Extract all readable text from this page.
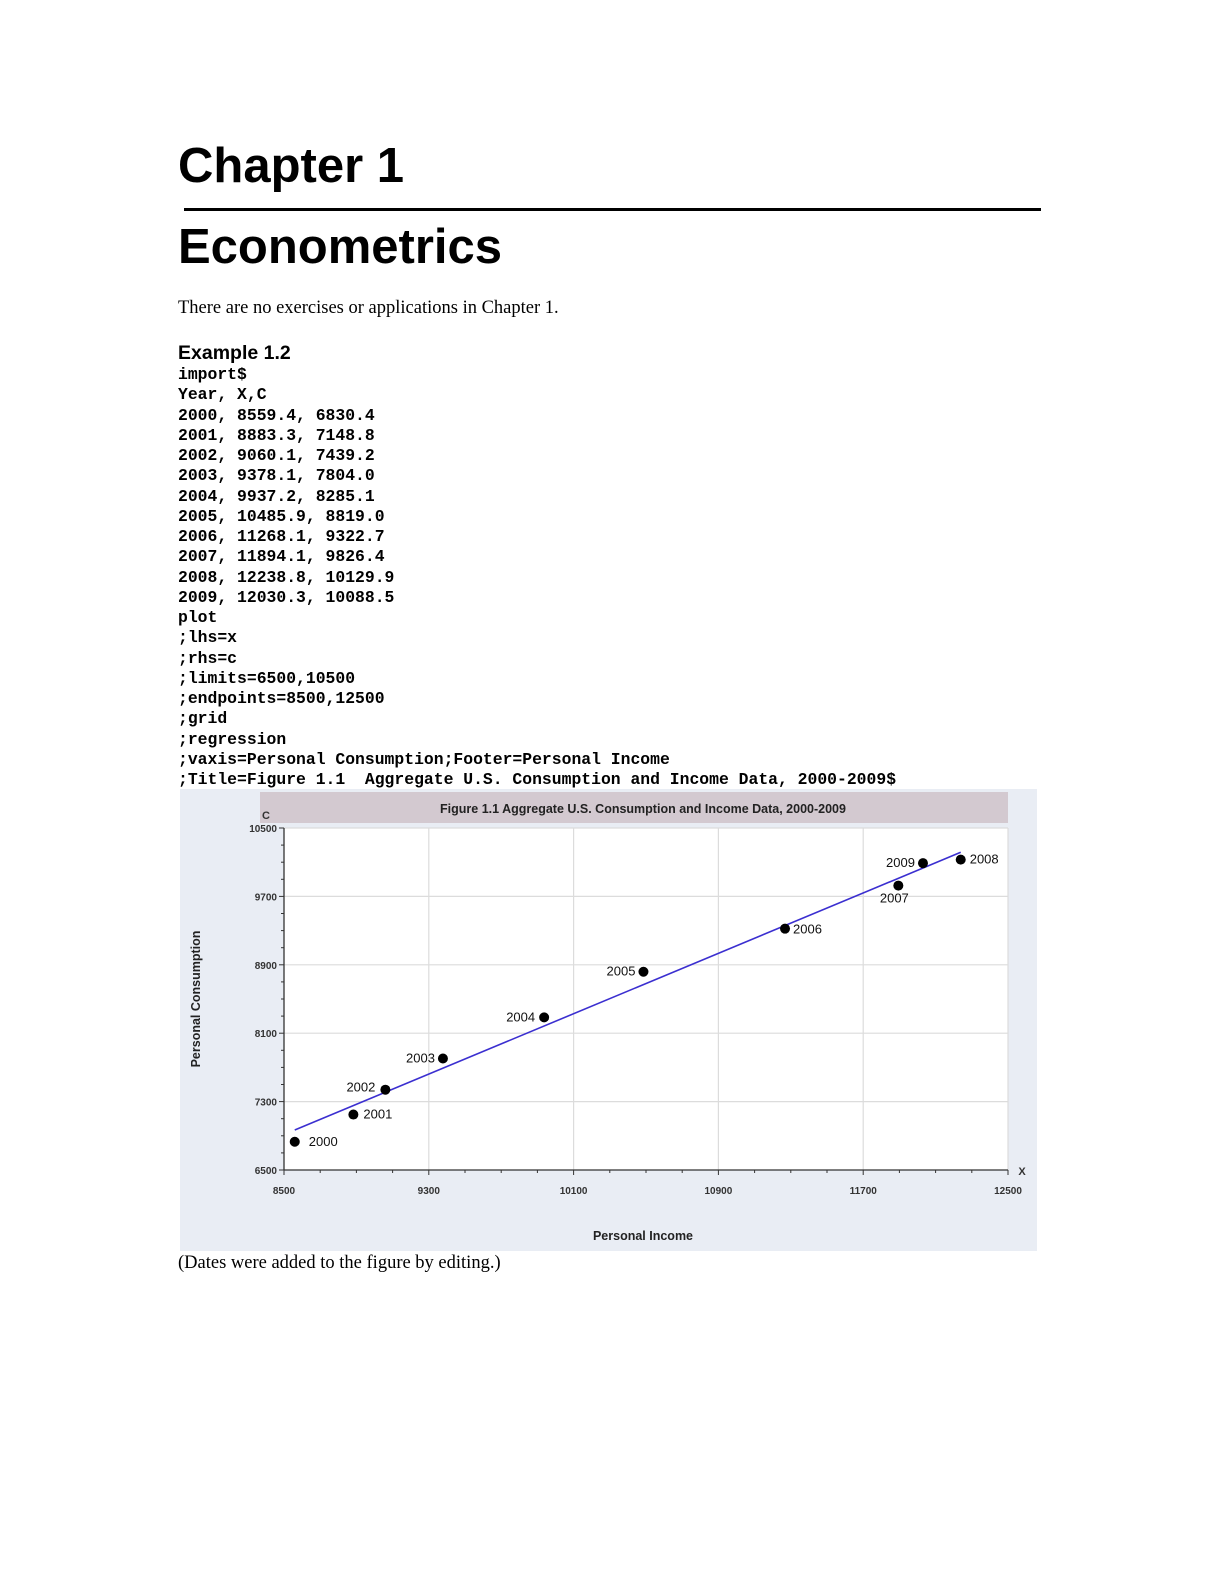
Chapter 1
Econometrics
There are no exercises or applications in Chapter 1.
Example 1.2
import$
Year, X,C
2000, 8559.4, 6830.4
2001, 8883.3, 7148.8
2002, 9060.1, 7439.2
2003, 9378.1, 7804.0
2004, 9937.2, 8285.1
2005, 10485.9, 8819.0
2006, 11268.1, 9322.7
2007, 11894.1, 9826.4
2008, 12238.8, 10129.9
2009, 12030.3, 10088.5
plot
;lhs=x
;rhs=c
;limits=6500,10500
;endpoints=8500,12500
;grid
;regression
;vaxis=Personal Consumption;Footer=Personal Income
;Title=Figure 1.1  Aggregate U.S. Consumption and Income Data, 2000-2009$
Figure 1.1 Aggregate U.S. Consumption and Income Data, 2000-2009
8500	9300	10100	10900	11700	12500
6500
7300
8100
8900
9700
10500
C
X
Personal Income
Personal Consumption
2000
2001
2002
2003
2004
2005
2006
2007
2008
2009
(Dates were added to the figure by editing.)
